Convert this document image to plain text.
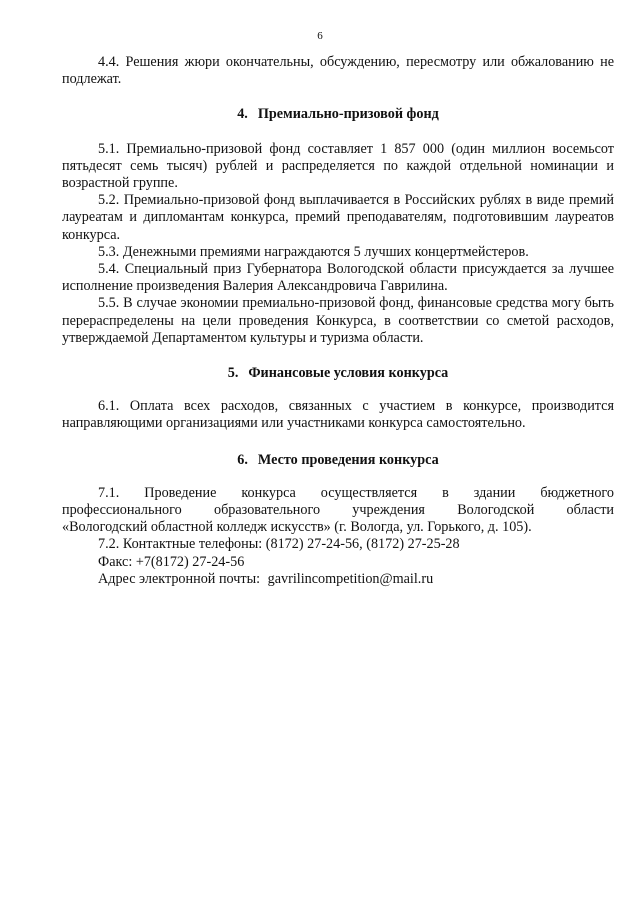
6

4.4. Решения жюри окончательны, обсуждению, пересмотру или обжалованию не подлежат.

4. Премиально-призовой фонд

5.1. Премиально-призовой фонд составляет 1 857 000 (один миллион восемьсот пятьдесят семь тысяч) рублей и распределяется по каждой отдельной номинации и возрастной группе.

5.2. Премиально-призовой фонд выплачивается в Российских рублях в виде премий лауреатам и дипломантам конкурса, премий преподавателям, подготовившим лауреатов конкурса.

5.3. Денежными премиями награждаются 5 лучших концертмейстеров.

5.4. Специальный приз Губернатора Вологодской области присуждается за лучшее исполнение произведения Валерия Александровича Гаврилина.

5.5. В случае экономии премиально-призовой фонд, финансовые средства могу быть перераспределены на цели проведения Конкурса, в соответствии со сметой расходов, утверждаемой Департаментом культуры и туризма области.

5. Финансовые условия конкурса

6.1. Оплата всех расходов, связанных с участием в конкурсе, производится направляющими организациями или участниками конкурса самостоятельно.

6. Место проведения конкурса

7.1. Проведение конкурса осуществляется в здании бюджетного

профессионального образовательного учреждения Вологодской области

«Вологодский областной колледж искусств» (г. Вологда, ул. Горького, д. 105).

7.2. Контактные телефоны: (8172) 27-24-56, (8172) 27-25-28

Факс: +7(8172) 27-24-56

Адрес электронной почты: gavrilincompetition@mail.ru
